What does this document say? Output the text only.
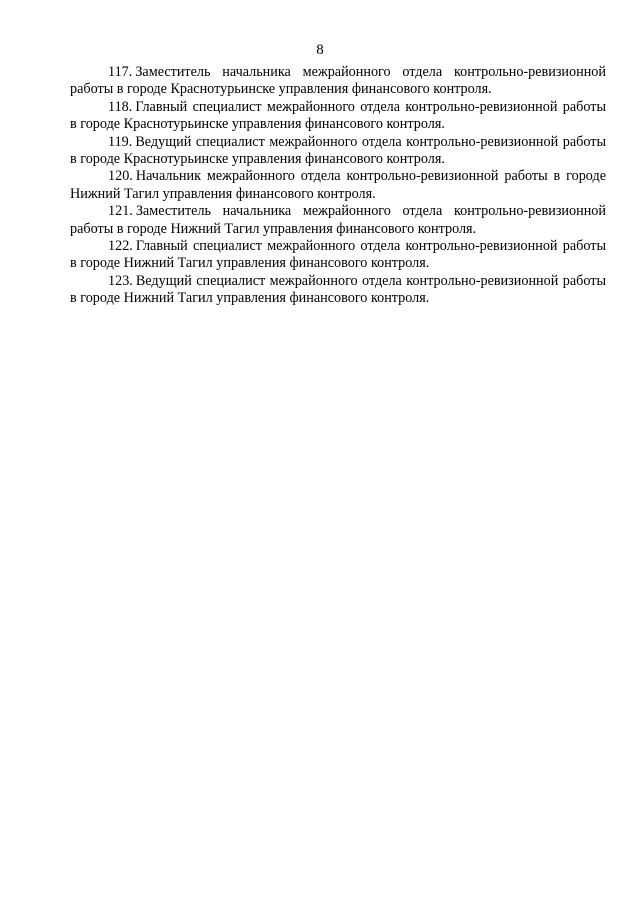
8

117. Заместитель начальника межрайонного отдела контрольно-ревизионной работы в городе Краснотурьинске управления финансового контроля.

118. Главный специалист межрайонного отдела контрольно-ревизионной работы в городе Краснотурьинске управления финансового контроля.

119. Ведущий специалист межрайонного отдела контрольно-ревизионной работы в городе Краснотурьинске управления финансового контроля.

120. Начальник межрайонного отдела контрольно-ревизионной работы в городе Нижний Тагил управления финансового контроля.

121. Заместитель начальника межрайонного отдела контрольно-ревизионной работы в городе Нижний Тагил управления финансового контроля.

122. Главный специалист межрайонного отдела контрольно-ревизионной работы в городе Нижний Тагил управления финансового контроля.

123. Ведущий специалист межрайонного отдела контрольно-ревизионной работы в городе Нижний Тагил управления финансового контроля.
